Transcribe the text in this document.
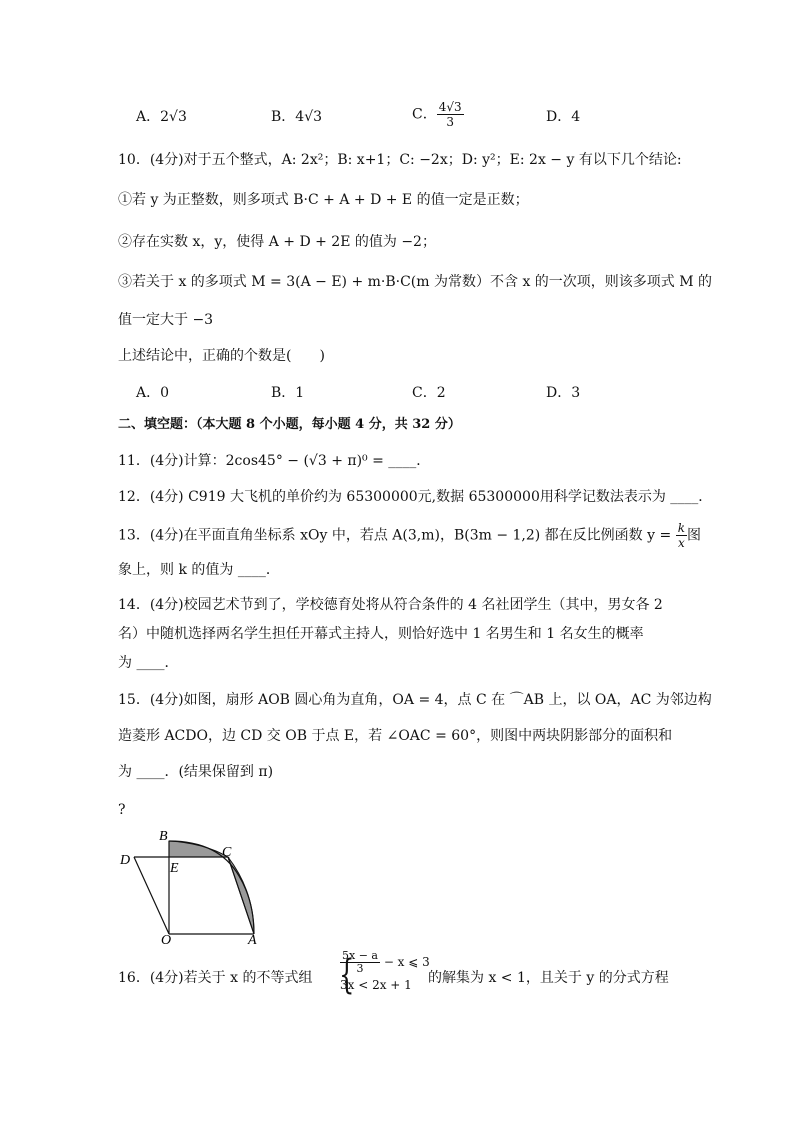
A．2√3	B．4√3	C． $\frac{4√3}{3}$	D．4
10．(4分)对于五个整式，A: 2x²；B: x+1；C: −2x；D: y²；E: 2x − y 有以下几个结论:
①若 y 为正整数，则多项式 B·C + A + D + E 的值一定是正数；
②存在实数 x，y，使得 A + D + 2E 的值为 −2；
③若关于 x 的多项式 M = 3(A − E) + m·B·C(m 为常数）不含 x 的一次项，则该多项式 M 的
值一定大于 −3
上述结论中，正确的个数是(　　)
A．0	B．1	C．2	D．3
二、填空题：（本大题 8 个小题，每小题 4 分，共 32 分）
11．(4分)计算：2cos45° − (√3 + π)⁰ = ____．
12．(4分) C919 大飞机的单价约为 65300000元,数据 65300000用科学记数法表示为 ____．
13．(4分)在平面直角坐标系 xOy 中，若点 A(3,m)，B(3m − 1,2) 都在反比例函数 $y = \frac{k}{x}$ 图
象上，则 k 的值为 ____．
14．(4分)校园艺术节到了，学校德育处将从符合条件的 4 名社团学生（其中，男女各 2
名）中随机选择两名学生担任开幕式主持人，则恰好选中 1 名男生和 1 名女生的概率
为 ____．
15．(4分)如图，扇形 AOB 圆心角为直角，OA = 4，点 C 在 ⌒AB 上，以 OA，AC 为邻边构
造菱形 ACDO，边 CD 交 OB 于点 E，若 ∠OAC = 60°，则图中两块阴影部分的面积和
为 ____．(结果保留到 π)
?
B
C
D
E
O	A
16．(4分)若关于 x 的不等式组 {
$\frac{5x - a}{3} - x$ ⩽ 3
3x < 2x + 1	的解集为 x < 1，且关于 y 的分式方程
